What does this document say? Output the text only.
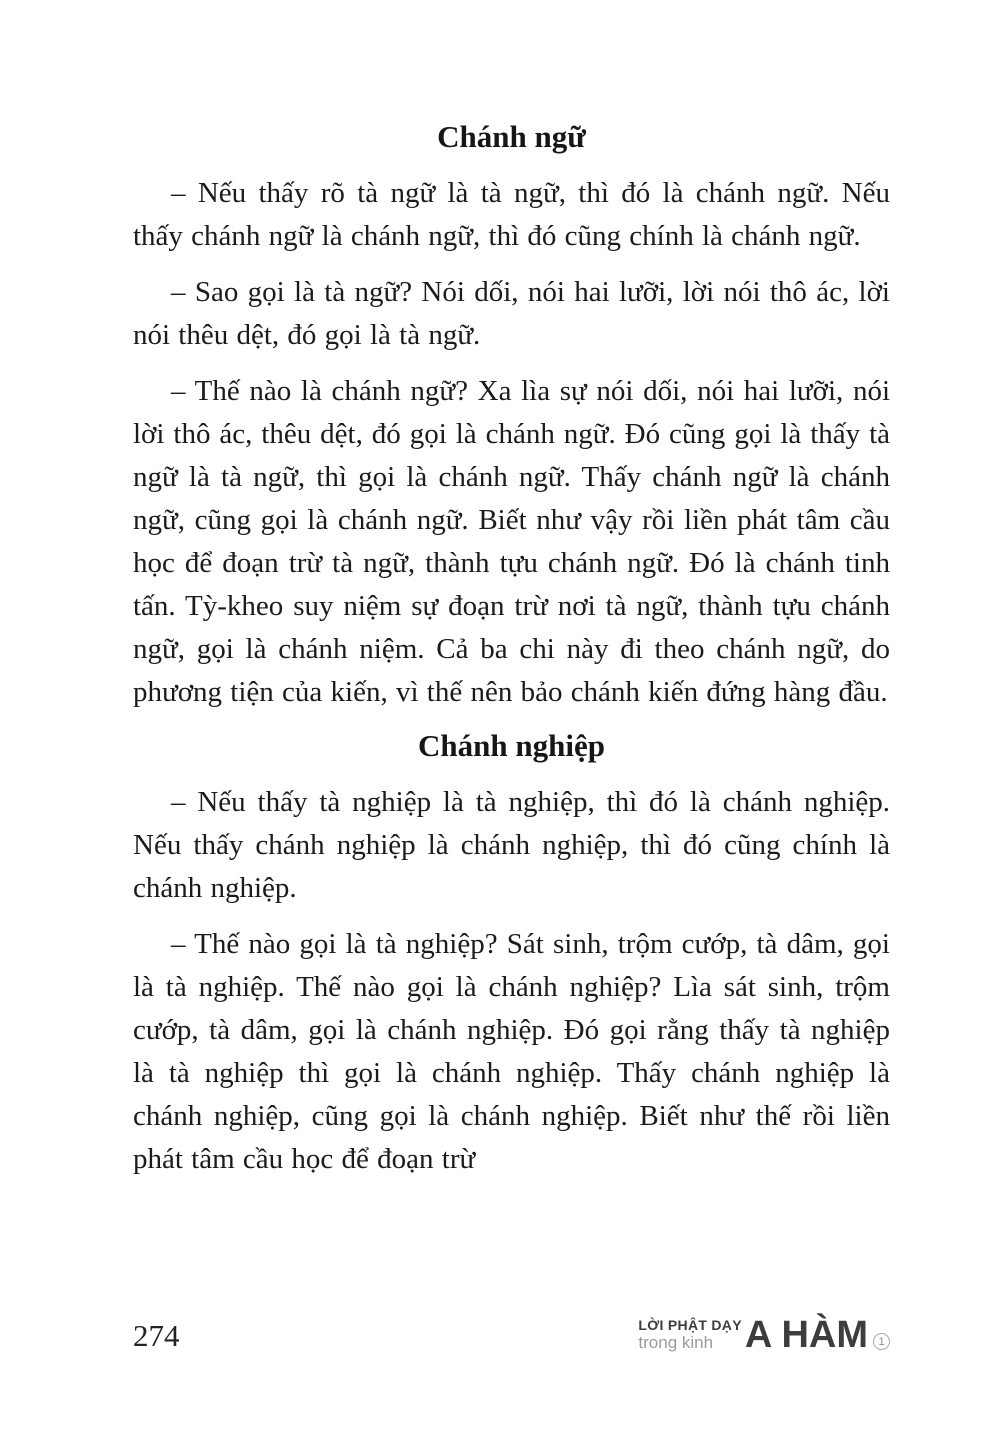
Chánh ngữ

– Nếu thấy rõ tà ngữ là tà ngữ, thì đó là chánh ngữ. Nếu thấy chánh ngữ là chánh ngữ, thì đó cũng chính là chánh ngữ.

– Sao gọi là tà ngữ? Nói dối, nói hai lưỡi, lời nói thô ác, lời nói thêu dệt, đó gọi là tà ngữ.

– Thế nào là chánh ngữ? Xa lìa sự nói dối, nói hai lưỡi, nói lời thô ác, thêu dệt, đó gọi là chánh ngữ. Đó cũng gọi là thấy tà ngữ là tà ngữ, thì gọi là chánh ngữ. Thấy chánh ngữ là chánh ngữ, cũng gọi là chánh ngữ. Biết như vậy rồi liền phát tâm cầu học để đoạn trừ tà ngữ, thành tựu chánh ngữ. Đó là chánh tinh tấn. Tỳ-kheo suy niệm sự đoạn trừ nơi tà ngữ, thành tựu chánh ngữ, gọi là chánh niệm. Cả ba chi này đi theo chánh ngữ, do phương tiện của kiến, vì thế nên bảo chánh kiến đứng hàng đầu.

Chánh nghiệp

– Nếu thấy tà nghiệp là tà nghiệp, thì đó là chánh nghiệp. Nếu thấy chánh nghiệp là chánh nghiệp, thì đó cũng chính là chánh nghiệp.

– Thế nào gọi là tà nghiệp? Sát sinh, trộm cướp, tà dâm, gọi là tà nghiệp. Thế nào gọi là chánh nghiệp? Lìa sát sinh, trộm cướp, tà dâm, gọi là chánh nghiệp. Đó gọi rằng thấy tà nghiệp là tà nghiệp thì gọi là chánh nghiệp. Thấy chánh nghiệp là chánh nghiệp, cũng gọi là chánh nghiệp. Biết như thế rồi liền phát tâm cầu học để đoạn trừ

274	LỜI PHẬT DẠY
trong kinh A HÀM 1
